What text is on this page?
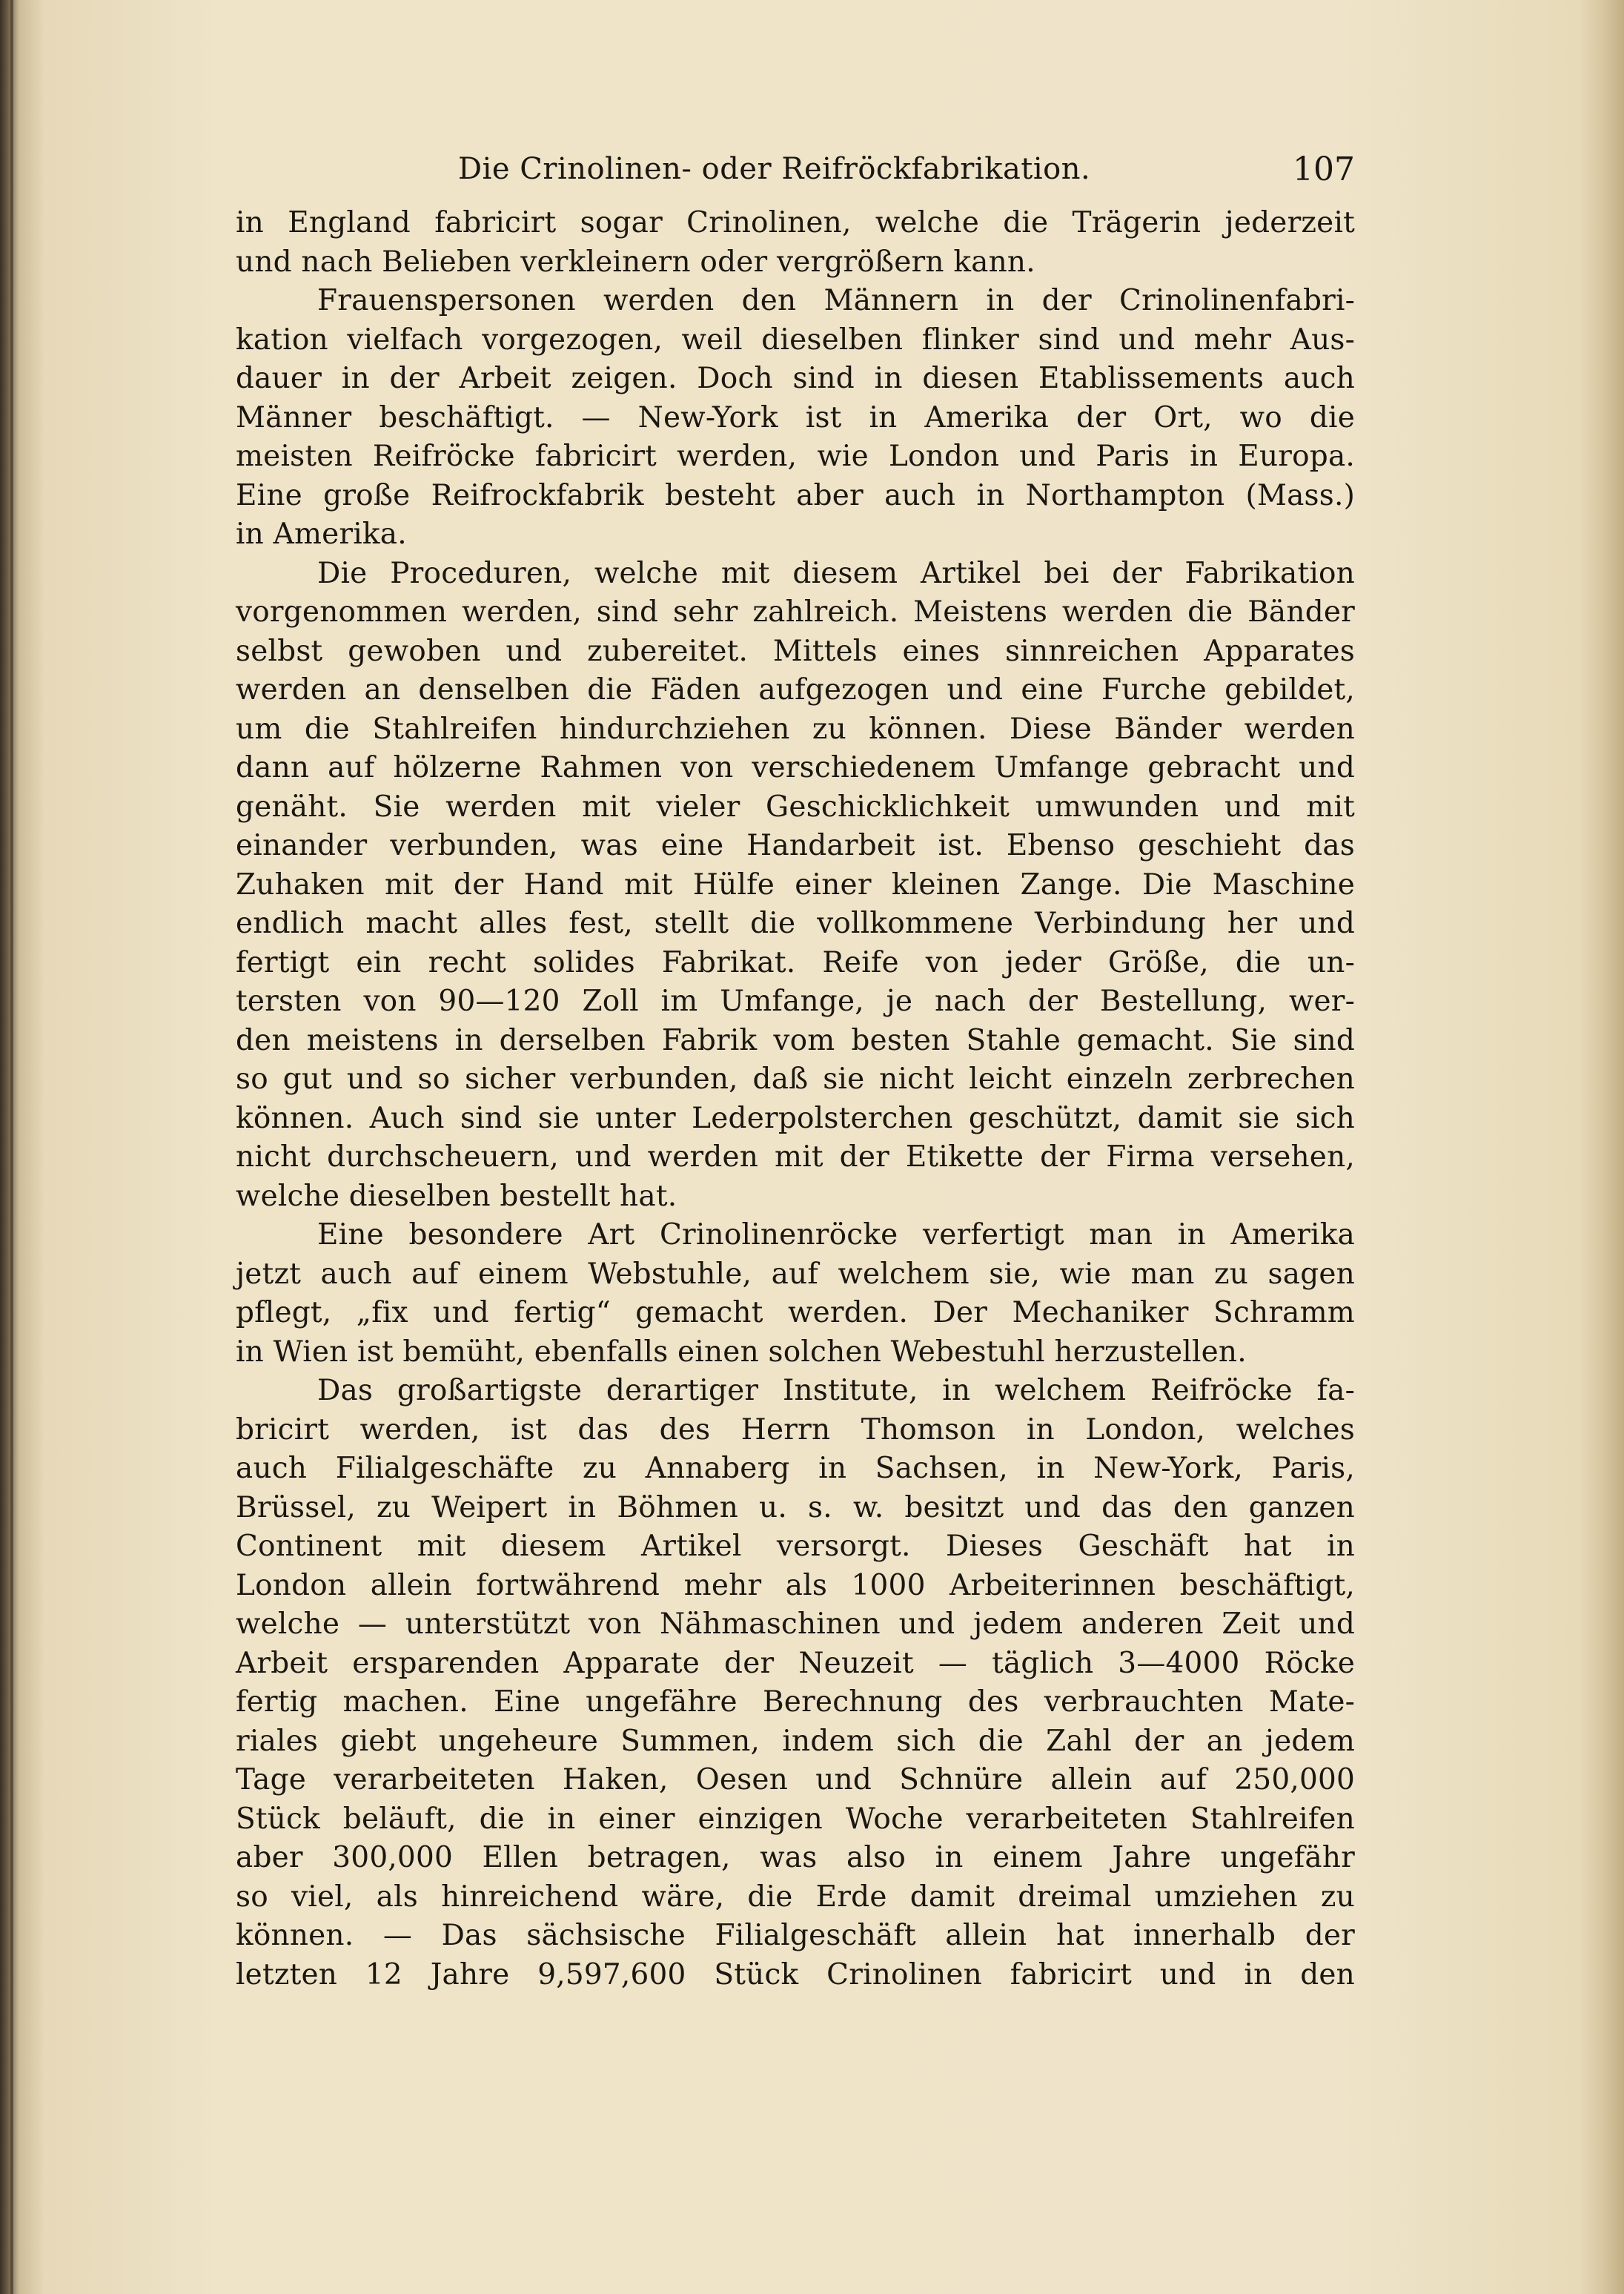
Die Crinolinen- oder Reifröckfabrikation.	107
in England fabricirt sogar Crinolinen, welche die Trägerin jederzeit
und nach Belieben verkleinern oder vergrößern kann.
Frauenspersonen werden den Männern in der Crinolinenfabri-
kation vielfach vorgezogen, weil dieselben flinker sind und mehr Aus-
dauer in der Arbeit zeigen. Doch sind in diesen Etablissements auch
Männer beschäftigt. — New-York ist in Amerika der Ort, wo die
meisten Reifröcke fabricirt werden, wie London und Paris in Europa.
Eine große Reifrockfabrik besteht aber auch in Northampton (Mass.)
in Amerika.
Die Proceduren, welche mit diesem Artikel bei der Fabrikation
vorgenommen werden, sind sehr zahlreich. Meistens werden die Bänder
selbst gewoben und zubereitet. Mittels eines sinnreichen Apparates
werden an denselben die Fäden aufgezogen und eine Furche gebildet,
um die Stahlreifen hindurchziehen zu können. Diese Bänder werden
dann auf hölzerne Rahmen von verschiedenem Umfange gebracht und
genäht. Sie werden mit vieler Geschicklichkeit umwunden und mit
einander verbunden, was eine Handarbeit ist. Ebenso geschieht das
Zuhaken mit der Hand mit Hülfe einer kleinen Zange. Die Maschine
endlich macht alles fest, stellt die vollkommene Verbindung her und
fertigt ein recht solides Fabrikat. Reife von jeder Größe, die un-
tersten von 90—120 Zoll im Umfange, je nach der Bestellung, wer-
den meistens in derselben Fabrik vom besten Stahle gemacht. Sie sind
so gut und so sicher verbunden, daß sie nicht leicht einzeln zerbrechen
können. Auch sind sie unter Lederpolsterchen geschützt, damit sie sich
nicht durchscheuern, und werden mit der Etikette der Firma versehen,
welche dieselben bestellt hat.
Eine besondere Art Crinolinenröcke verfertigt man in Amerika
jetzt auch auf einem Webstuhle, auf welchem sie, wie man zu sagen
pflegt, „fix und fertig“ gemacht werden. Der Mechaniker Schramm
in Wien ist bemüht, ebenfalls einen solchen Webestuhl herzustellen.
Das großartigste derartiger Institute, in welchem Reifröcke fa-
bricirt werden, ist das des Herrn Thomson in London, welches
auch Filialgeschäfte zu Annaberg in Sachsen, in New-York, Paris,
Brüssel, zu Weipert in Böhmen u. s. w. besitzt und das den ganzen
Continent mit diesem Artikel versorgt. Dieses Geschäft hat in
London allein fortwährend mehr als 1000 Arbeiterinnen beschäftigt,
welche — unterstützt von Nähmaschinen und jedem anderen Zeit und
Arbeit ersparenden Apparate der Neuzeit — täglich 3—4000 Röcke
fertig machen. Eine ungefähre Berechnung des verbrauchten Mate-
riales giebt ungeheure Summen, indem sich die Zahl der an jedem
Tage verarbeiteten Haken, Oesen und Schnüre allein auf 250,000
Stück beläuft, die in einer einzigen Woche verarbeiteten Stahlreifen
aber 300,000 Ellen betragen, was also in einem Jahre ungefähr
so viel, als hinreichend wäre, die Erde damit dreimal umziehen zu
können. — Das sächsische Filialgeschäft allein hat innerhalb der
letzten 12 Jahre 9,597,600 Stück Crinolinen fabricirt und in den
